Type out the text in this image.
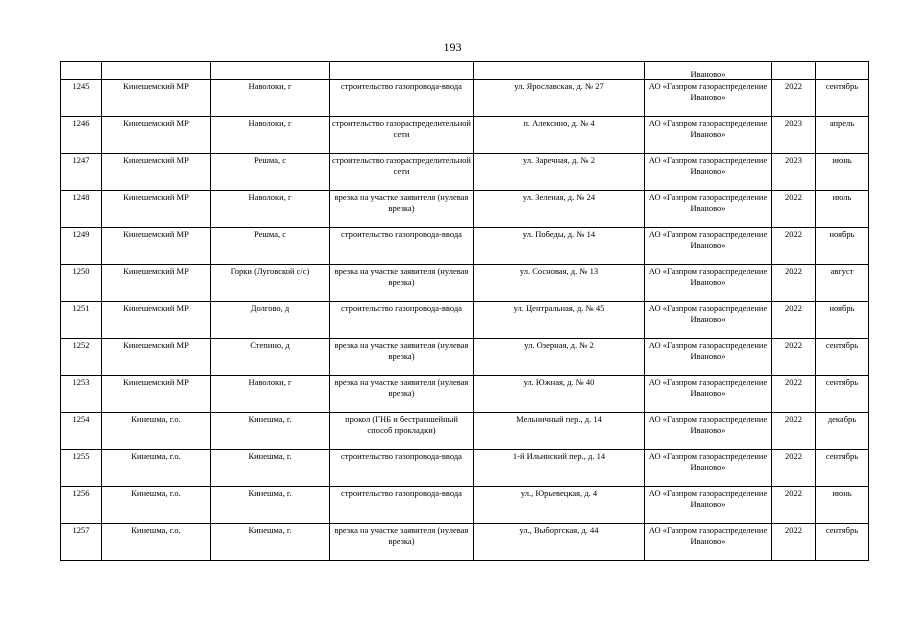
193
					Иваново»		
1245	Кинешемский МР	Наволоки, г	строительство газопровода-ввода	ул. Ярославская, д. № 27	АО «Газпром газораспределение Иваново»	2022	сентябрь
1246	Кинешемский МР	Наволоки, г	строительство газораспределительной сети	п. Алексино, д. № 4	АО «Газпром газораспределение Иваново»	2023	апрель
1247	Кинешемский МР	Решма, с	строительство газораспределительной сети	ул. Заречная, д. № 2	АО «Газпром газораспределение Иваново»	2023	июнь
1248	Кинешемский МР	Наволоки, г	врезка на участке заявителя (нулевая врезка)	ул. Зеленая, д. № 24	АО «Газпром газораспределение Иваново»	2022	июль
1249	Кинешемский МР	Решма, с	строительство газопровода-ввода	ул. Победы, д. № 14	АО «Газпром газораспределение Иваново»	2022	ноябрь
1250	Кинешемский МР	Горки (Луговской с/с)	врезка на участке заявителя (нулевая врезка)	ул. Сосновая, д. № 13	АО «Газпром газораспределение Иваново»	2022	август
1251	Кинешемский МР	Долгово, д	строительство газопровода-ввода	ул. Центральная, д. № 45	АО «Газпром газораспределение Иваново»	2022	ноябрь
1252	Кинешемский МР	Степино, д	врезка на участке заявителя (нулевая врезка)	ул. Озерная, д. № 2	АО «Газпром газораспределение Иваново»	2022	сентябрь
1253	Кинешемский МР	Наволоки, г	врезка на участке заявителя (нулевая врезка)	ул. Южная, д. № 40	АО «Газпром газораспределение Иваново»	2022	сентябрь
1254	Кинешма, г.о.	Кинешма, г.	прокол (ГНБ и бестраншейный способ прокладки)	Мельничный пер., д. 14	АО «Газпром газораспределение Иваново»	2022	декабрь
1255	Кинешма, г.о.	Кинешма, г.	строительство газопровода-ввода	1-й Ильинский пер., д. 14	АО «Газпром газораспределение Иваново»	2022	сентябрь
1256	Кинешма, г.о.	Кинешма, г.	строительство газопровода-ввода	ул., Юрьевецкая, д. 4	АО «Газпром газораспределение Иваново»	2022	июнь
1257	Кинешма, г.о.	Кинешма, г.	врезка на участке заявителя (нулевая врезка)	ул., Выборгская, д. 44	АО «Газпром газораспределение Иваново»	2022	сентябрь
